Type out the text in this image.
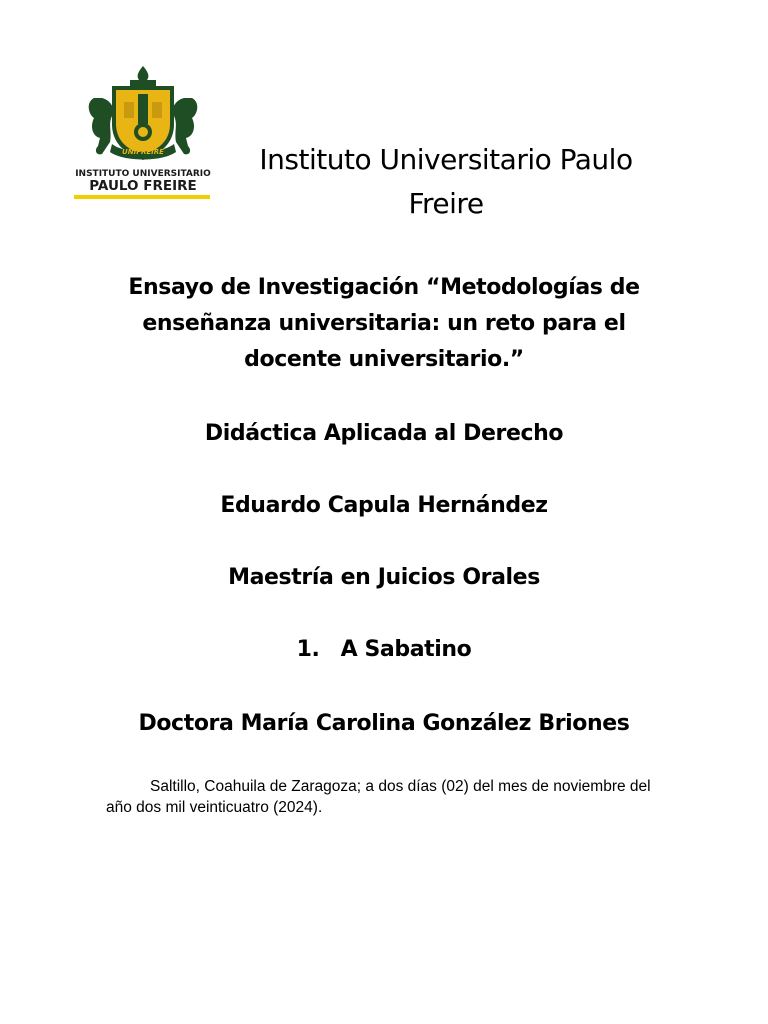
UNIFREIRE
INSTITUTO UNIVERSITARIO
PAULO FREIRE
Instituto Universitario Paulo Freire
Ensayo de Investigación “Metodologías de enseñanza universitaria: un reto para el docente universitario.”
Didáctica Aplicada al Derecho
Eduardo Capula Hernández
Maestría en Juicios Orales
1. A Sabatino
Doctora María Carolina González Briones
Saltillo, Coahuila de Zaragoza; a dos días (02) del mes de noviembre del año dos mil veinticuatro (2024).
